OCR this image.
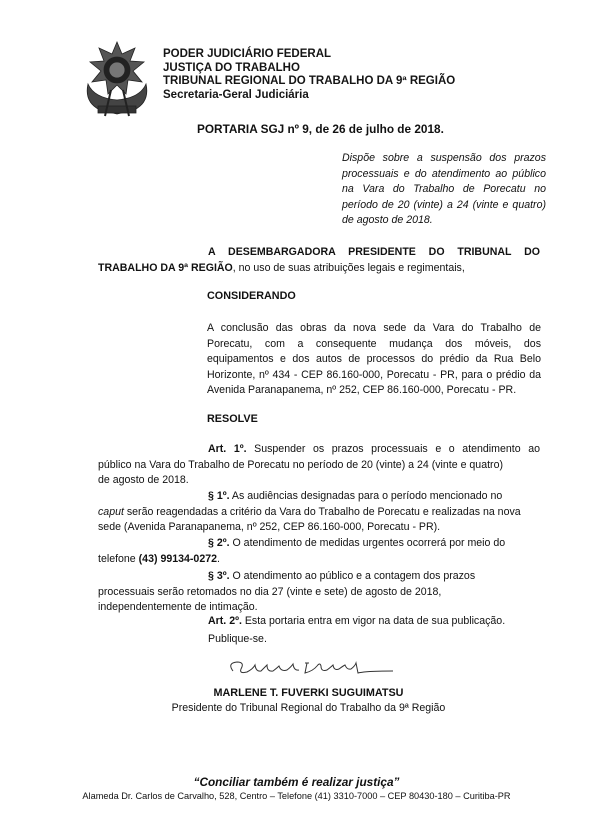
PODER JUDICIÁRIO FEDERAL
JUSTIÇA DO TRABALHO
TRIBUNAL REGIONAL DO TRABALHO DA 9ª REGIÃO
Secretaria-Geral Judiciária
PORTARIA SGJ nº 9, de 26 de julho de 2018.
Dispõe sobre a suspensão dos prazos processuais e do atendimento ao público na Vara do Trabalho de Porecatu no período de 20 (vinte) a 24 (vinte e quatro) de agosto de 2018.
A DESEMBARGADORA PRESIDENTE DO TRIBUNAL DO
TRABALHO DA 9ª REGIÃO, no uso de suas atribuições legais e regimentais,
CONSIDERANDO
A conclusão das obras da nova sede da Vara do Trabalho de Porecatu, com a consequente mudança dos móveis, dos equipamentos e dos autos de processos do prédio da Rua Belo Horizonte, nº 434 - CEP 86.160-000, Porecatu - PR, para o prédio da Avenida Paranapanema, nº 252, CEP 86.160-000, Porecatu - PR.
RESOLVE
Art. 1º. Suspender os prazos processuais e o atendimento ao
público na Vara do Trabalho de Porecatu no período de 20 (vinte) a 24 (vinte e quatro)
de agosto de 2018.
§ 1º. As audiências designadas para o período mencionado no
caput serão reagendadas a critério da Vara do Trabalho de Porecatu e realizadas na nova
sede (Avenida Paranapanema, nº 252, CEP 86.160-000, Porecatu - PR).
§ 2º. O atendimento de medidas urgentes ocorrerá por meio do
telefone (43) 99134-0272.
§ 3º. O atendimento ao público e a contagem dos prazos
processuais serão retomados no dia 27 (vinte e sete) de agosto de 2018,
independentemente de intimação.
Art. 2º. Esta portaria entra em vigor na data de sua publicação.
Publique-se.
MARLENE T. FUVERKI SUGUIMATSU
Presidente do Tribunal Regional do Trabalho da 9ª Região
“Conciliar também é realizar justiça”
Alameda Dr. Carlos de Carvalho, 528, Centro – Telefone (41) 3310-7000 – CEP 80430-180 – Curitiba-PR
